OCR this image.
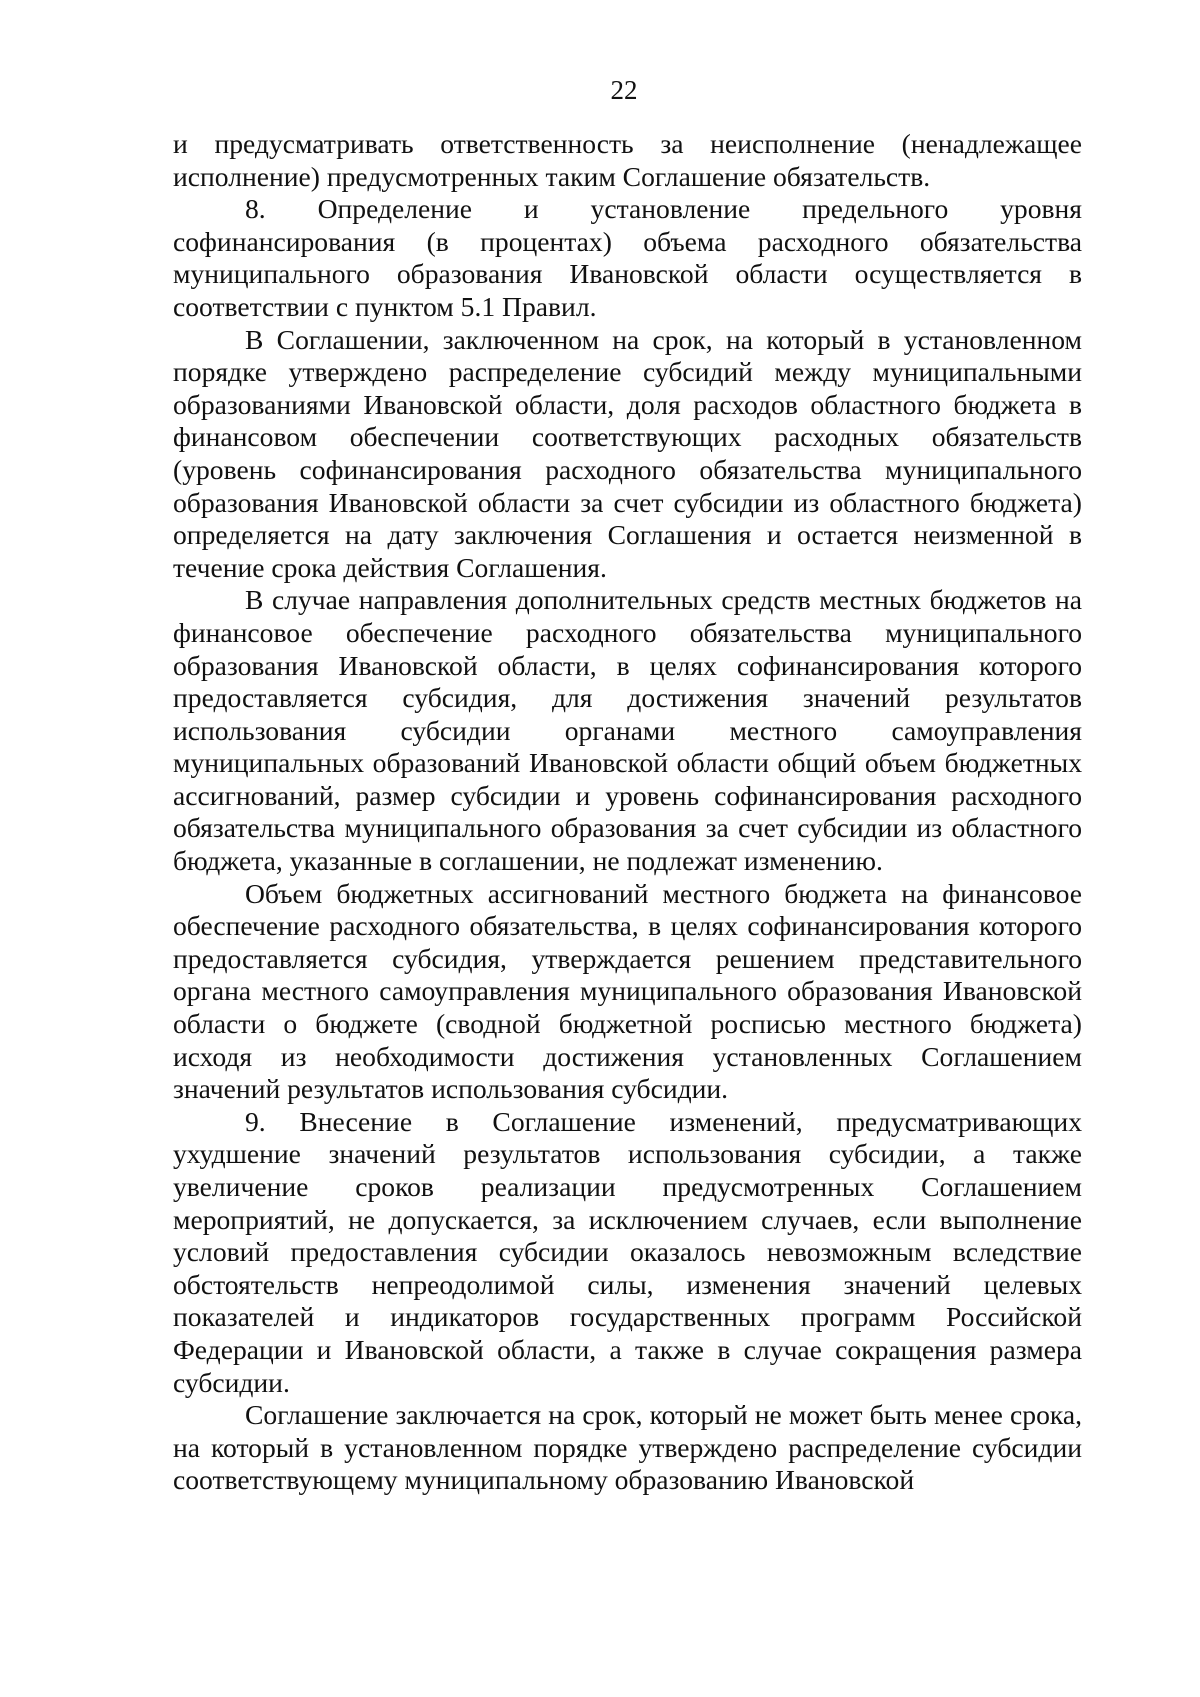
22

и предусматривать ответственность за неисполнение (ненадлежащее исполнение) предусмотренных таким Соглашение обязательств.

8. Определение и установление предельного уровня софинансирования (в процентах) объема расходного обязательства муниципального образования Ивановской области осуществляется в соответствии с пунктом 5.1 Правил.

В Соглашении, заключенном на срок, на который в установленном порядке утверждено распределение субсидий между муниципальными образованиями Ивановской области, доля расходов областного бюджета в финансовом обеспечении соответствующих расходных обязательств (уровень софинансирования расходного обязательства муниципального образования Ивановской области за счет субсидии из областного бюджета) определяется на дату заключения Соглашения и остается неизменной в течение срока действия Соглашения.

В случае направления дополнительных средств местных бюджетов на финансовое обеспечение расходного обязательства муниципального образования Ивановской области, в целях софинансирования которого предоставляется субсидия, для достижения значений результатов использования субсидии органами местного самоуправления муниципальных образований Ивановской области общий объем бюджетных ассигнований, размер субсидии и уровень софинансирования расходного обязательства муниципального образования за счет субсидии из областного бюджета, указанные в соглашении, не подлежат изменению.

Объем бюджетных ассигнований местного бюджета на финансовое обеспечение расходного обязательства, в целях софинансирования которого предоставляется субсидия, утверждается решением представительного органа местного самоуправления муниципального образования Ивановской области о бюджете (сводной бюджетной росписью местного бюджета) исходя из необходимости достижения установленных Соглашением значений результатов использования субсидии.

9. Внесение в Соглашение изменений, предусматривающих ухудшение значений результатов использования субсидии, а также увеличение сроков реализации предусмотренных Соглашением мероприятий, не допускается, за исключением случаев, если выполнение условий предоставления субсидии оказалось невозможным вследствие обстоятельств непреодолимой силы, изменения значений целевых показателей и индикаторов государственных программ Российской Федерации и Ивановской области, а также в случае сокращения размера субсидии.

Соглашение заключается на срок, который не может быть менее срока, на который в установленном порядке утверждено распределение субсидии соответствующему муниципальному образованию Ивановской
